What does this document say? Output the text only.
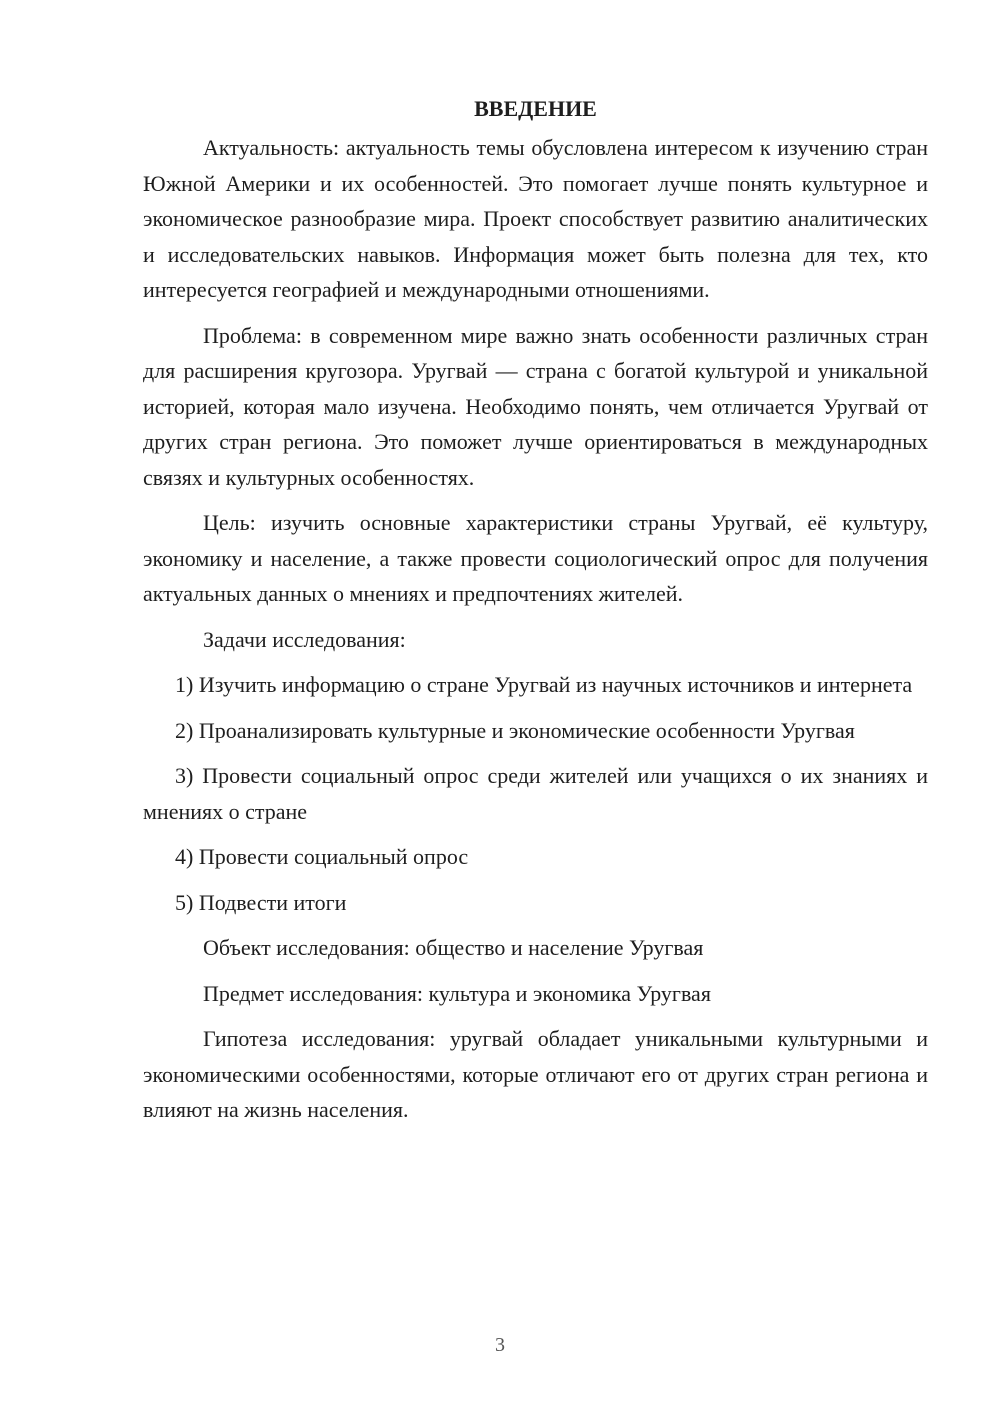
ВВЕДЕНИЕ
Актуальность: актуальность темы обусловлена интересом к изучению стран Южной Америки и их особенностей. Это помогает лучше понять культурное и экономическое разнообразие мира. Проект способствует развитию аналитических и исследовательских навыков. Информация может быть полезна для тех, кто интересуется географией и международными отношениями.
Проблема: в современном мире важно знать особенности различных стран для расширения кругозора. Уругвай — страна с богатой культурой и уникальной историей, которая мало изучена. Необходимо понять, чем отличается Уругвай от других стран региона. Это поможет лучше ориентироваться в международных связях и культурных особенностях.
Цель: изучить основные характеристики страны Уругвай, её культуру, экономику и население, а также провести социологический опрос для получения актуальных данных о мнениях и предпочтениях жителей.
Задачи исследования:
1) Изучить информацию о стране Уругвай из научных источников и интернета
2) Проанализировать культурные и экономические особенности Уругвая
3) Провести социальный опрос среди жителей или учащихся о их знаниях и мнениях о стране
4) Провести социальный опрос
5) Подвести итоги
Объект исследования: общество и население Уругвая
Предмет исследования: культура и экономика Уругвая
Гипотеза исследования: уругвай обладает уникальными культурными и экономическими особенностями, которые отличают его от других стран региона и влияют на жизнь населения.
3
